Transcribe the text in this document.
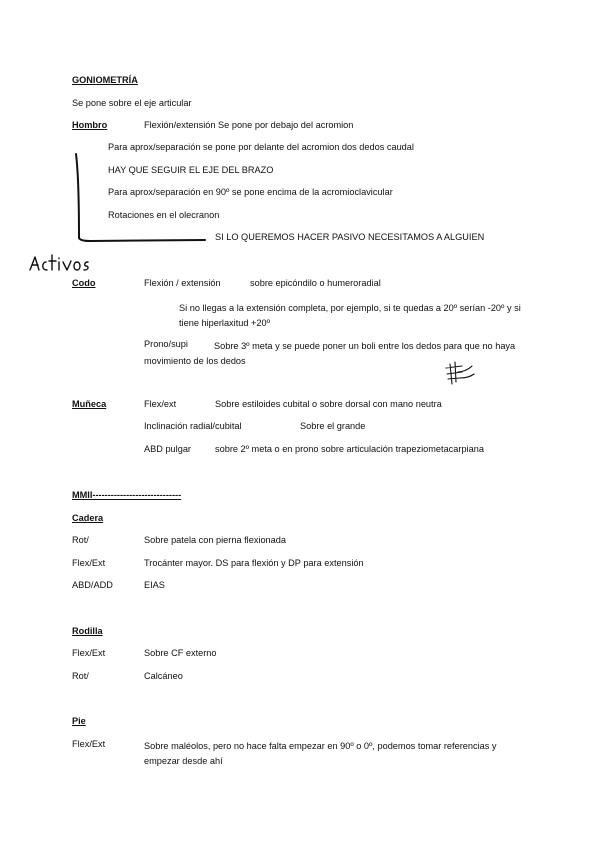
GONIOMETRÍA
Se pone sobre el eje articular
Hombro	Flexión/extensión Se pone por debajo del acromion
Para aprox/separación se pone por delante del acromion dos dedos caudal
HAY QUE SEGUIR EL EJE DEL BRAZO
Para aprox/separación en 90º se pone encima de la acromioclavicular
Rotaciones en el olecranon
SI LO QUEREMOS HACER PASIVO NECESITAMOS A ALGUIEN
Codo	Flexión / extensión	sobre epicóndilo o humeroradial
Si no llegas a la extensión completa, por ejemplo, si te quedas a 20º serían -20º y si tiene hiperlaxitud +20º
Prono/supi	Sobre 3º meta y se puede poner un boli entre los dedos para que no haya movimiento de los dedos
Muñeca	Flex/ext	Sobre estiloides cubital o sobre dorsal con mano neutra
Inclinación radial/cubital	Sobre el grande
ABD pulgar	sobre 2º meta o en prono sobre articulación trapeziometacarpiana
MMII-----------------------------
Cadera
Rot/	Sobre patela con pierna flexionada
Flex/Ext	Trocánter mayor. DS para flexión y DP para extensión
ABD/ADD	EIAS
Rodilla
Flex/Ext	Sobre CF externo
Rot/	Calcáneo
Pie
Flex/Ext	Sobre maléolos, pero no hace falta empezar en 90º o 0º, podemos tomar referencias y empezar desde ahí
